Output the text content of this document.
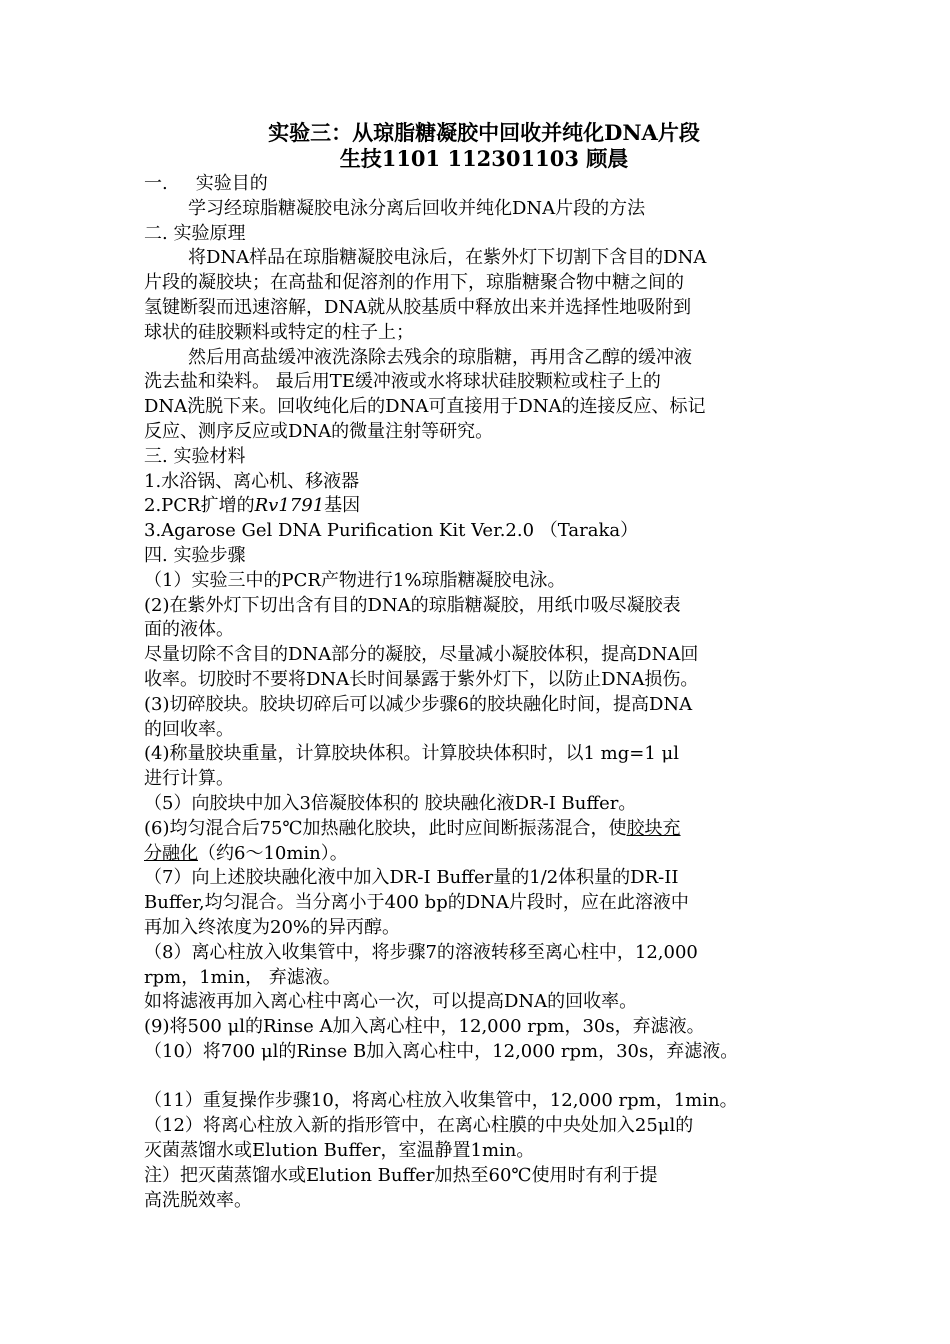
实验三：从琼脂糖凝胶中回收并纯化DNA片段
生技1101 112301103 顾晨
一. 实验目的
学习经琼脂糖凝胶电泳分离后回收并纯化DNA片段的方法
二. 实验原理
将DNA样品在琼脂糖凝胶电泳后，在紫外灯下切割下含目的DNA
片段的凝胶块；在高盐和促溶剂的作用下，琼脂糖聚合物中糖之间的
氢键断裂而迅速溶解，DNA就从胶基质中释放出来并选择性地吸附到
球状的硅胶颗料或特定的柱子上；
然后用高盐缓冲液洗涤除去残余的琼脂糖，再用含乙醇的缓冲液
洗去盐和染料。 最后用TE缓冲液或水将球状硅胶颗粒或柱子上的
DNA洗脱下来。回收纯化后的DNA可直接用于DNA的连接反应、标记
反应、测序反应或DNA的微量注射等研究。
三. 实验材料
1.水浴锅、离心机、移液器
2.PCR扩增的Rv1791基因
3.Agarose Gel DNA Purification Kit Ver.2.0 （Taraka）
四. 实验步骤
（1）实验三中的PCR产物进行1%琼脂糖凝胶电泳。
(2)在紫外灯下切出含有目的DNA的琼脂糖凝胶，用纸巾吸尽凝胶表
面的液体。
尽量切除不含目的DNA部分的凝胶，尽量减小凝胶体积，提高DNA回
收率。切胶时不要将DNA长时间暴露于紫外灯下，以防止DNA损伤。
(3)切碎胶块。胶块切碎后可以减少步骤6的胶块融化时间，提高DNA
的回收率。
(4)称量胶块重量，计算胶块体积。计算胶块体积时，以1 mg=1 μl
进行计算。
（5）向胶块中加入3倍凝胶体积的 胶块融化液DR-I Buffer。
(6)均匀混合后75℃加热融化胶块，此时应间断振荡混合，使胶块充
分融化（约6～10min）。
（7）向上述胶块融化液中加入DR-I Buffer量的1/2体积量的DR-II
Buffer,均匀混合。当分离小于400 bp的DNA片段时，应在此溶液中
再加入终浓度为20%的异丙醇。
（8）离心柱放入收集管中，将步骤7的溶液转移至离心柱中，12,000
rpm，1min， 弃滤液。
如将滤液再加入离心柱中离心一次，可以提高DNA的回收率。
(9)将500 μl的Rinse A加入离心柱中，12,000 rpm，30s，弃滤液。
（10）将700 μl的Rinse B加入离心柱中，12,000 rpm，30s，弃滤液。
（11）重复操作步骤10，将离心柱放入收集管中，12,000 rpm，1min。
（12）将离心柱放入新的指形管中，在离心柱膜的中央处加入25μl的
灭菌蒸馏水或Elution Buffer，室温静置1min。
注）把灭菌蒸馏水或Elution Buffer加热至60℃使用时有利于提
高洗脱效率。
